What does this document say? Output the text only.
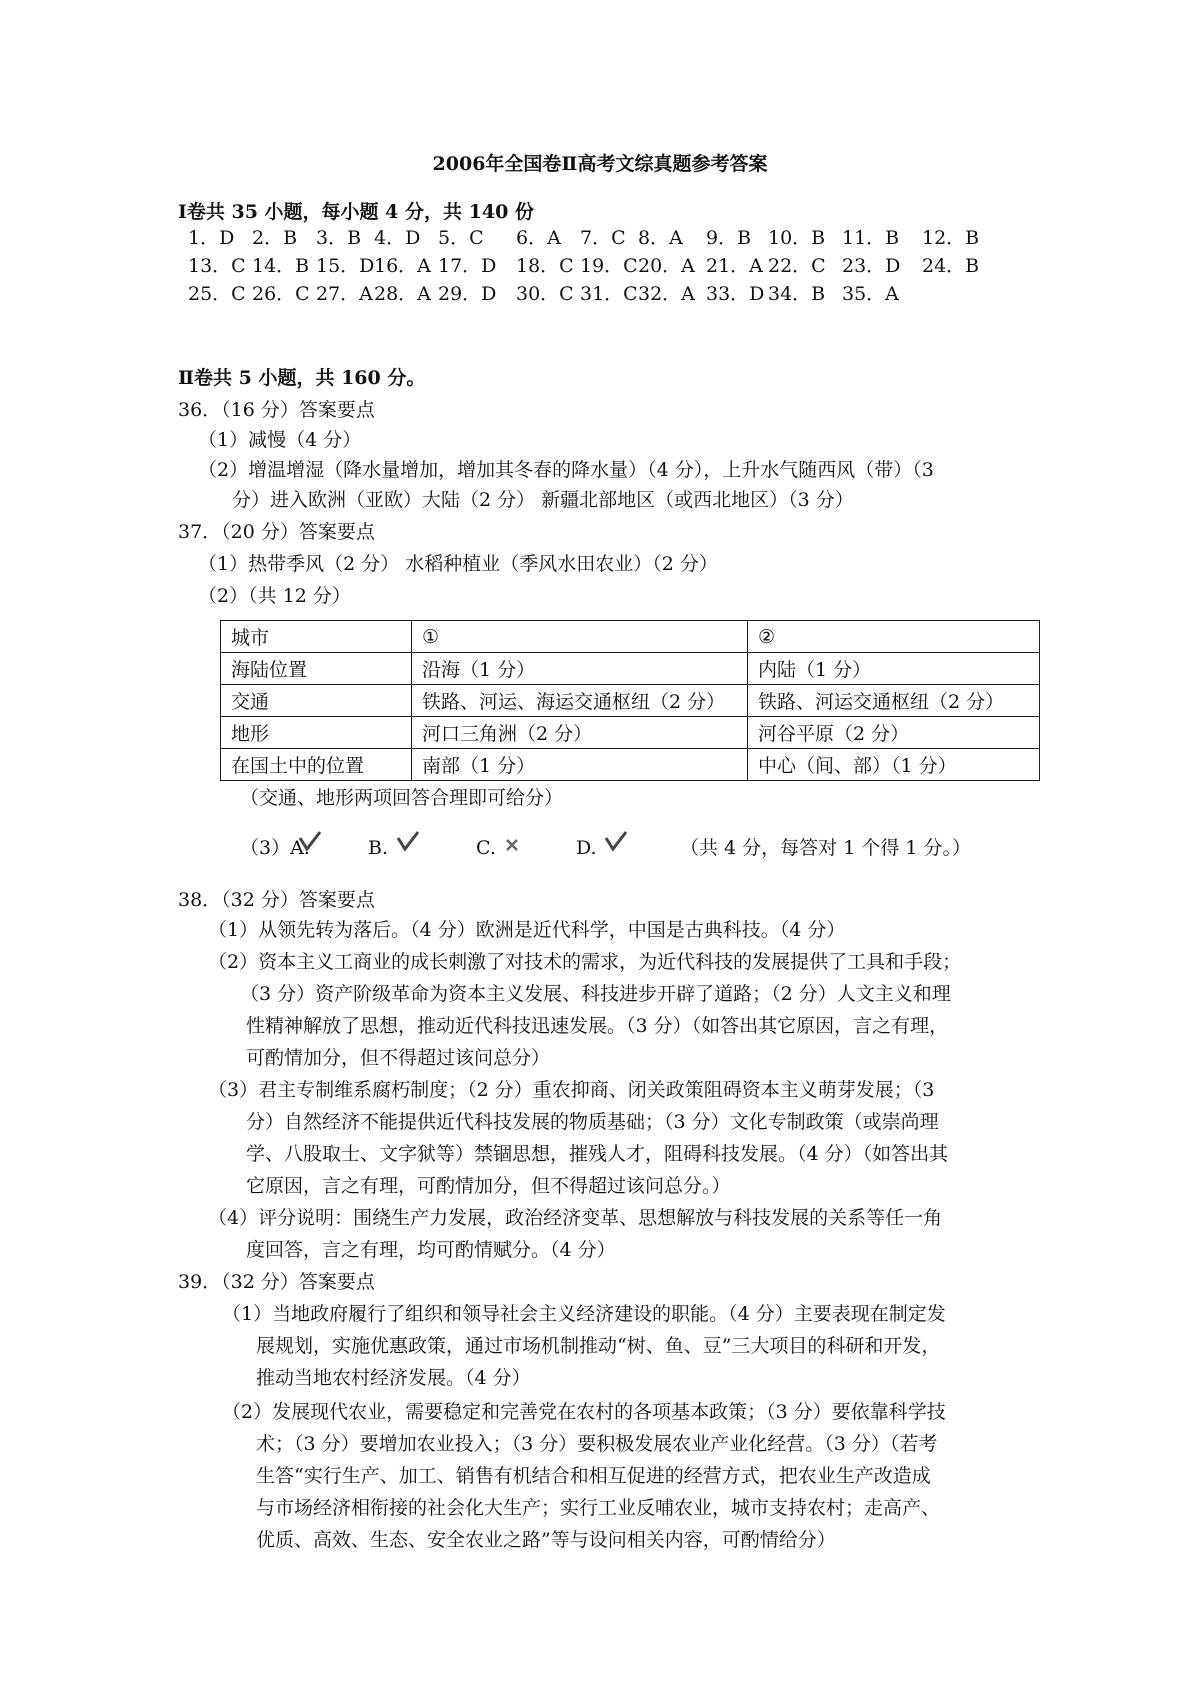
2006年全国卷Ⅱ高考文综真题参考答案
Ⅰ卷共 35 小题，每小题 4 分，共 140 份
1．D 2．B 3．B 4．D 5．C	6．A	7．C 8．A	9．B 10．B 11．B	12．B
13．C 14．B 15．D 16．A 17．D	18．C 19．C 20．A 21．A 22．C 23．D	24．B
25．C 26．C 27．A 28．A 29．D	30．C 31．C 32．A 33．D 34．B 35．A
Ⅱ卷共 5 小题，共 160 分。
36．（16 分）答案要点
（1）减慢（4 分）
（2）增温增湿（降水量增加，增加其冬春的降水量）（4 分），上升水气随西风（带）（3
分）进入欧洲（亚欧）大陆（2 分） 新疆北部地区（或西北地区）（3 分）
37．（20 分）答案要点
（1）热带季风（2 分） 水稻种植业（季风水田农业）（2 分）
（2）（共 12 分）
城市	①	②
海陆位置	沿海（1 分）	内陆（1 分）
交通	铁路、河运、海运交通枢纽（2 分）	铁路、河运交通枢纽（2 分）
地形	河口三角洲（2 分）	河谷平原（2 分）
在国土中的位置	南部（1 分）	中心（间、部）（1 分）
（交通、地形两项回答合理即可给分）
（3）A.	B.	C.	D.	（共 4 分，每答对 1 个得 1 分。）
38．（32 分）答案要点
（1）从领先转为落后。（4 分）欧洲是近代科学，中国是古典科技。（4 分）
（2）资本主义工商业的成长刺激了对技术的需求，为近代科技的发展提供了工具和手段；
（3 分）资产阶级革命为资本主义发展、科技进步开辟了道路；（2 分）人文主义和理
性精神解放了思想，推动近代科技迅速发展。（3 分）（如答出其它原因，言之有理，
可酌情加分，但不得超过该问总分）
（3）君主专制维系腐朽制度；（2 分）重农抑商、闭关政策阻碍资本主义萌芽发展；（3
分）自然经济不能提供近代科技发展的物质基础；（3 分）文化专制政策（或崇尚理
学、八股取士、文字狱等）禁锢思想，摧残人才，阻碍科技发展。（4 分）（如答出其
它原因，言之有理，可酌情加分，但不得超过该问总分。）
（4）评分说明：围绕生产力发展，政治经济变革、思想解放与科技发展的关系等任一角
度回答，言之有理，均可酌情赋分。（4 分）
39．（32 分）答案要点
（1）当地政府履行了组织和领导社会主义经济建设的职能。（4 分）主要表现在制定发
展规划，实施优惠政策，通过市场机制推动“树、鱼、豆”三大项目的科研和开发，
推动当地农村经济发展。（4 分）
（2）发展现代农业，需要稳定和完善党在农村的各项基本政策；（3 分）要依靠科学技
术；（3 分）要增加农业投入；（3 分）要积极发展农业产业化经营。（3 分）（若考
生答“实行生产、加工、销售有机结合和相互促进的经营方式，把农业生产改造成
与市场经济相衔接的社会化大生产；实行工业反哺农业，城市支持农村；走高产、
优质、高效、生态、安全农业之路”等与设问相关内容，可酌情给分）
